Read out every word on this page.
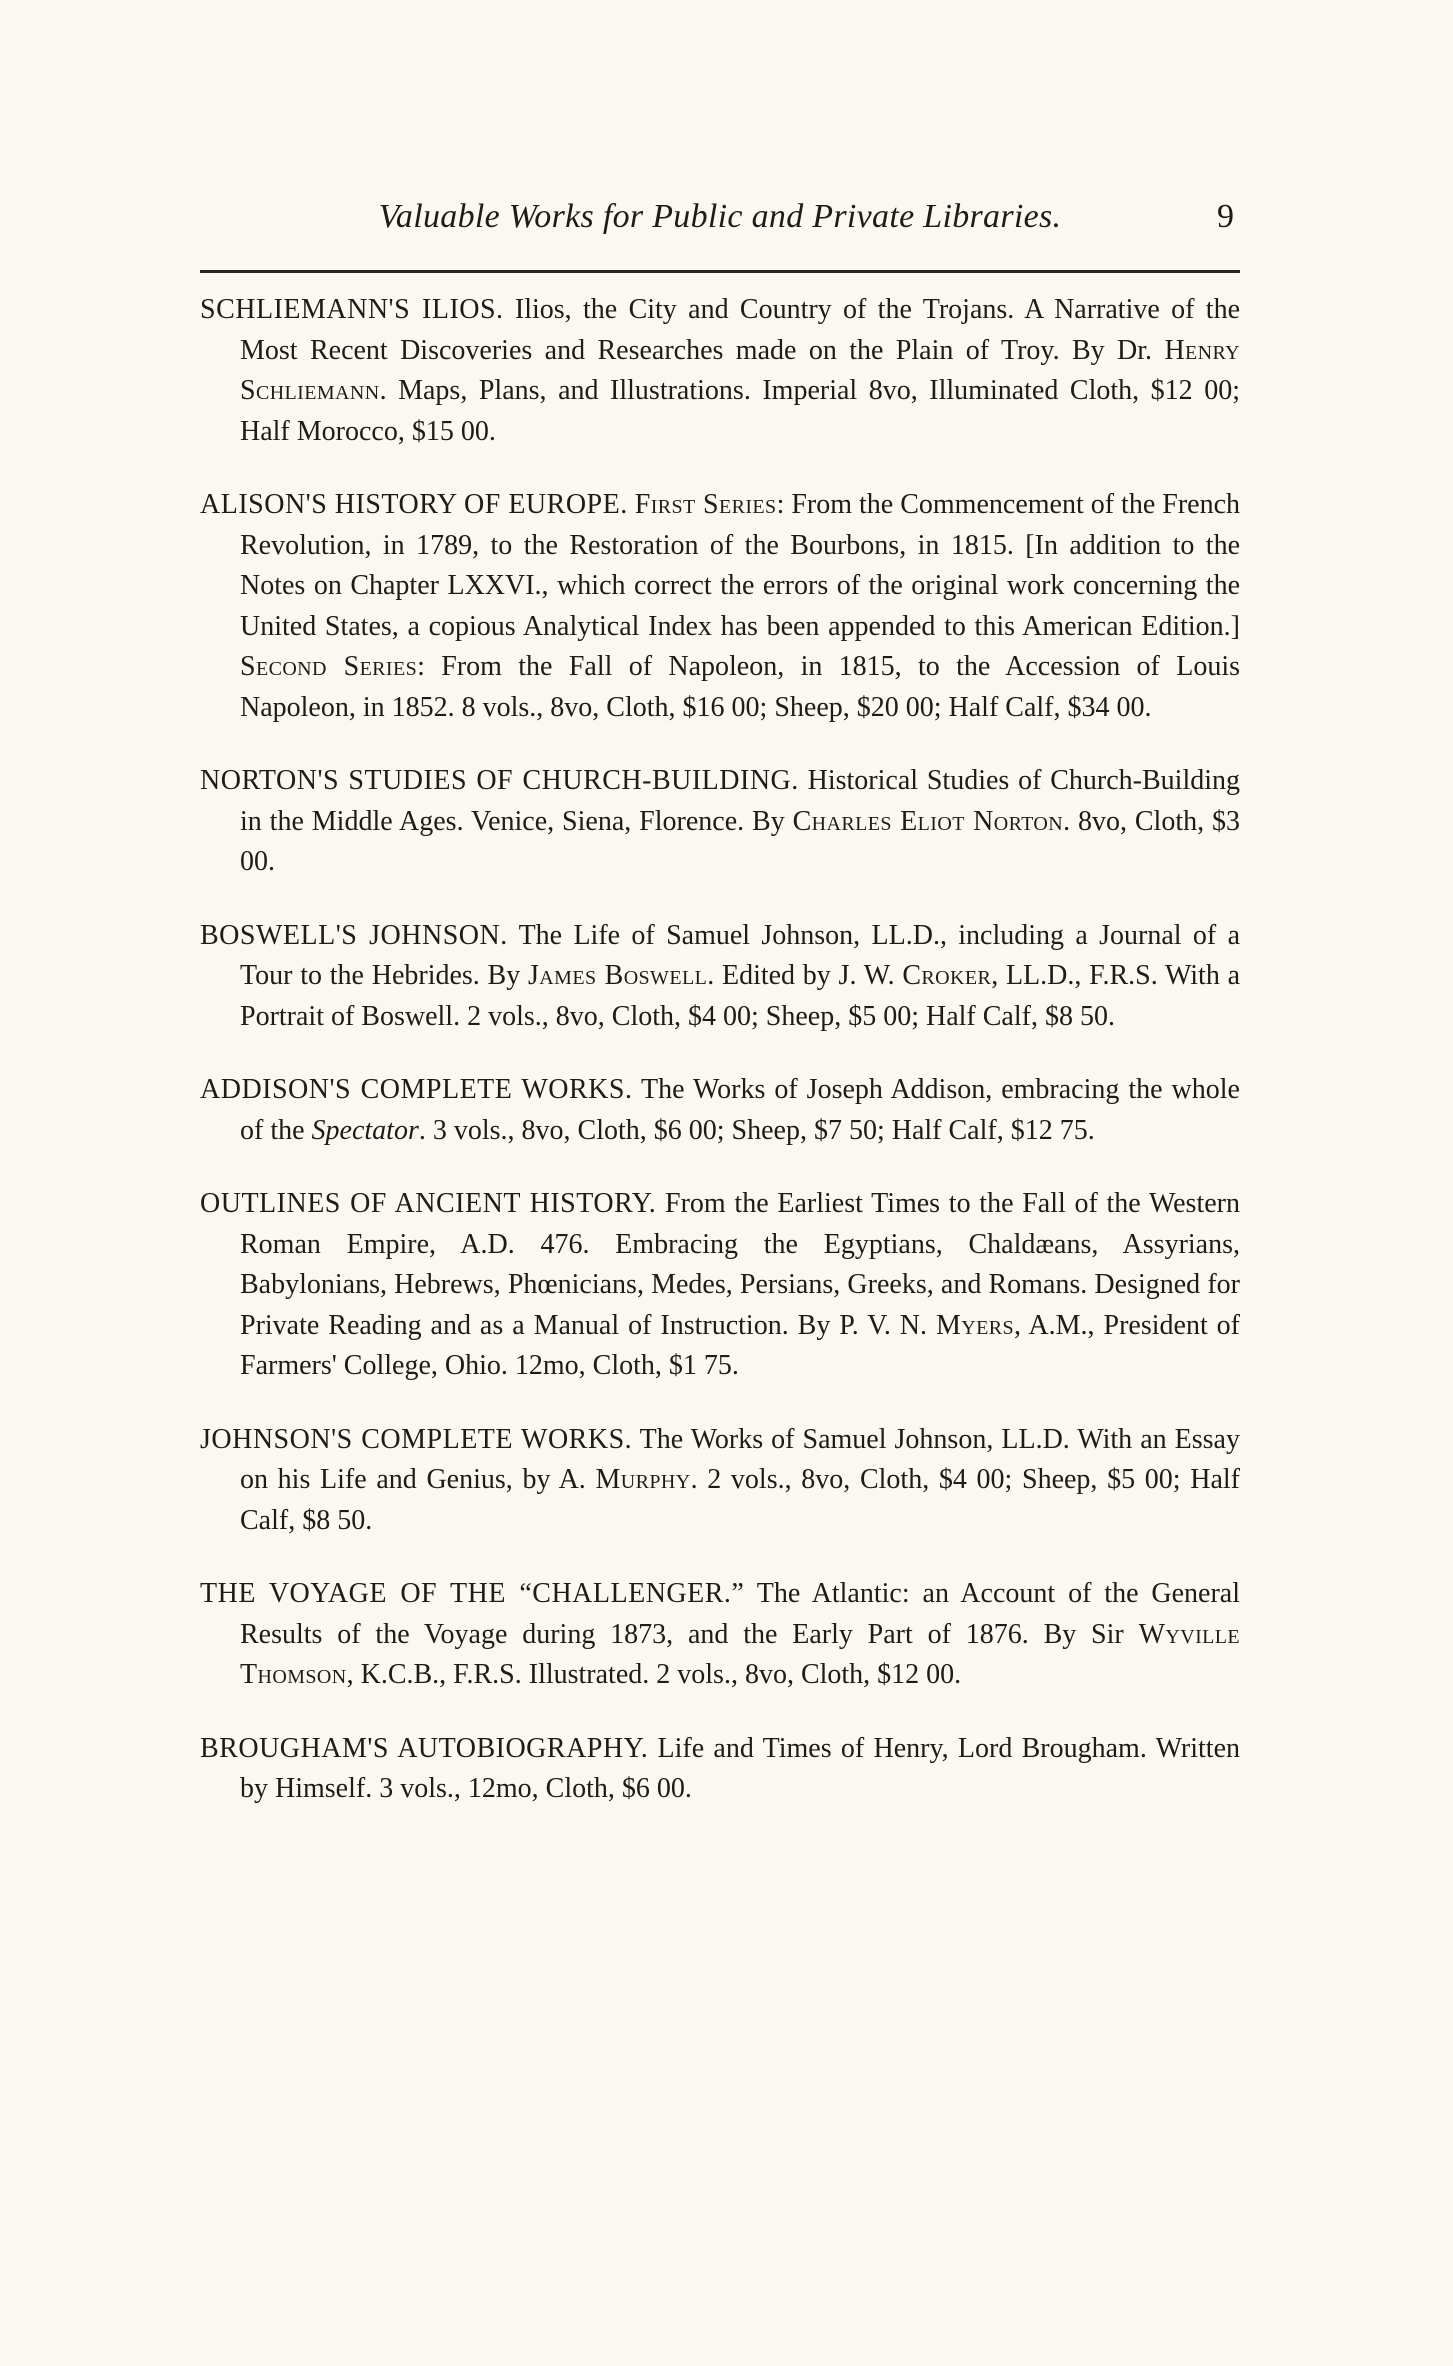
Valuable Works for Public and Private Libraries.	9
SCHLIEMANN'S ILIOS. Ilios, the City and Country of the Trojans. A Narrative of the Most Recent Discoveries and Researches made on the Plain of Troy. By Dr. Henry Schliemann. Maps, Plans, and Illustrations. Imperial 8vo, Illuminated Cloth, $12 00; Half Morocco, $15 00.
ALISON'S HISTORY OF EUROPE. First Series: From the Commencement of the French Revolution, in 1789, to the Restoration of the Bourbons, in 1815. [In addition to the Notes on Chapter LXXVI., which correct the errors of the original work concerning the United States, a copious Analytical Index has been appended to this American Edition.] Second Series: From the Fall of Napoleon, in 1815, to the Accession of Louis Napoleon, in 1852. 8 vols., 8vo, Cloth, $16 00; Sheep, $20 00; Half Calf, $34 00.
NORTON'S STUDIES OF CHURCH-BUILDING. Historical Studies of Church-Building in the Middle Ages. Venice, Siena, Florence. By Charles Eliot Norton. 8vo, Cloth, $3 00.
BOSWELL'S JOHNSON. The Life of Samuel Johnson, LL.D., including a Journal of a Tour to the Hebrides. By James Boswell. Edited by J. W. Croker, LL.D., F.R.S. With a Portrait of Boswell. 2 vols., 8vo, Cloth, $4 00; Sheep, $5 00; Half Calf, $8 50.
ADDISON'S COMPLETE WORKS. The Works of Joseph Addison, embracing the whole of the Spectator. 3 vols., 8vo, Cloth, $6 00; Sheep, $7 50; Half Calf, $12 75.
OUTLINES OF ANCIENT HISTORY. From the Earliest Times to the Fall of the Western Roman Empire, A.D. 476. Embracing the Egyptians, Chaldæans, Assyrians, Babylonians, Hebrews, Phœnicians, Medes, Persians, Greeks, and Romans. Designed for Private Reading and as a Manual of Instruction. By P. V. N. Myers, A.M., President of Farmers' College, Ohio. 12mo, Cloth, $1 75.
JOHNSON'S COMPLETE WORKS. The Works of Samuel Johnson, LL.D. With an Essay on his Life and Genius, by A. Murphy. 2 vols., 8vo, Cloth, $4 00; Sheep, $5 00; Half Calf, $8 50.
THE VOYAGE OF THE “CHALLENGER.” The Atlantic: an Account of the General Results of the Voyage during 1873, and the Early Part of 1876. By Sir Wyville Thomson, K.C.B., F.R.S. Illustrated. 2 vols., 8vo, Cloth, $12 00.
BROUGHAM'S AUTOBIOGRAPHY. Life and Times of Henry, Lord Brougham. Written by Himself. 3 vols., 12mo, Cloth, $6 00.
